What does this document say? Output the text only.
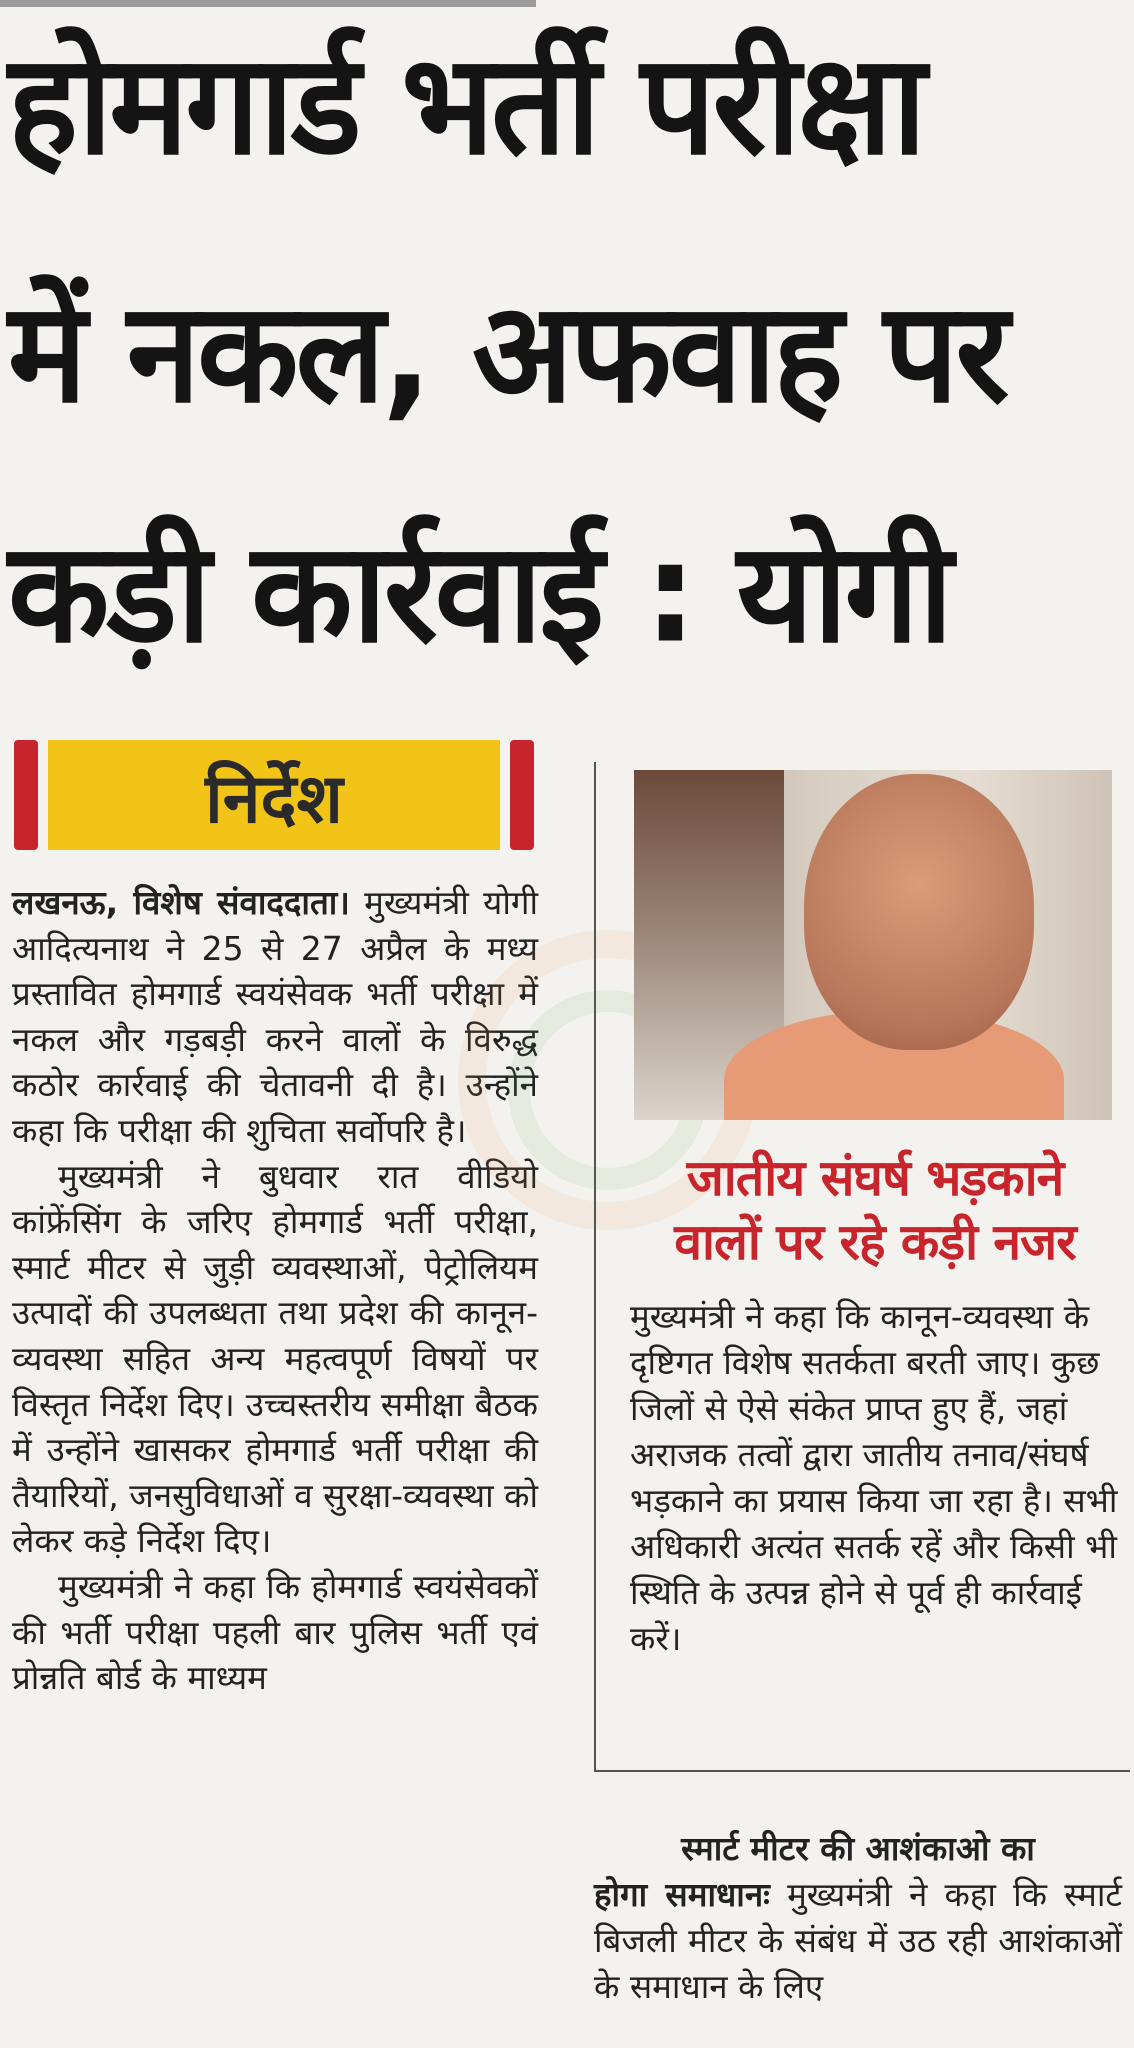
होमगार्ड भर्ती परीक्षा
में नकल, अफवाह पर
कड़ी कार्रवाई : योगी
निर्देश

लखनऊ, विशेष संवाददाता। मुख्यमंत्री योगी आदित्यनाथ ने 25 से 27 अप्रैल के मध्य प्रस्तावित होमगार्ड स्वयंसेवक भर्ती परीक्षा में नकल और गड़बड़ी करने वालों के विरुद्ध कठोर कार्रवाई की चेतावनी दी है। उन्होंने कहा कि परीक्षा की शुचिता सर्वोपरि है।

मुख्यमंत्री ने बुधवार रात वीडियो कांफ्रेंसिंग के जरिए होमगार्ड भर्ती परीक्षा, स्मार्ट मीटर से जुड़ी व्यवस्थाओं, पेट्रोलियम उत्पादों की उपलब्धता तथा प्रदेश की कानून-व्यवस्था सहित अन्य महत्वपूर्ण विषयों पर विस्तृत निर्देश दिए। उच्चस्तरीय समीक्षा बैठक में उन्होंने खासकर होमगार्ड भर्ती परीक्षा की तैयारियों, जनसुविधाओं व सुरक्षा-व्यवस्था को लेकर कड़े निर्देश दिए।

मुख्यमंत्री ने कहा कि होमगार्ड स्वयंसेवकों की भर्ती परीक्षा पहली बार पुलिस भर्ती एवं प्रोन्नति बोर्ड के माध्यम

जातीय संघर्ष भड़काने
वालों पर रहे कड़ी नजर
मुख्यमंत्री ने कहा कि कानून-व्यवस्था के दृष्टिगत विशेष सतर्कता बरती जाए। कुछ जिलों से ऐसे संकेत प्राप्त हुए हैं, जहां अराजक तत्वों द्वारा जातीय तनाव/संघर्ष भड़काने का प्रयास किया जा रहा है। सभी अधिकारी अत्यंत सतर्क रहें और किसी भी स्थिति के उत्पन्न होने से पूर्व ही कार्रवाई करें।
स्मार्ट मीटर की आशंकाओ का
होगा समाधानः मुख्यमंत्री ने कहा कि स्मार्ट बिजली मीटर के संबंध में उठ रही आशंकाओं के समाधान के लिए
